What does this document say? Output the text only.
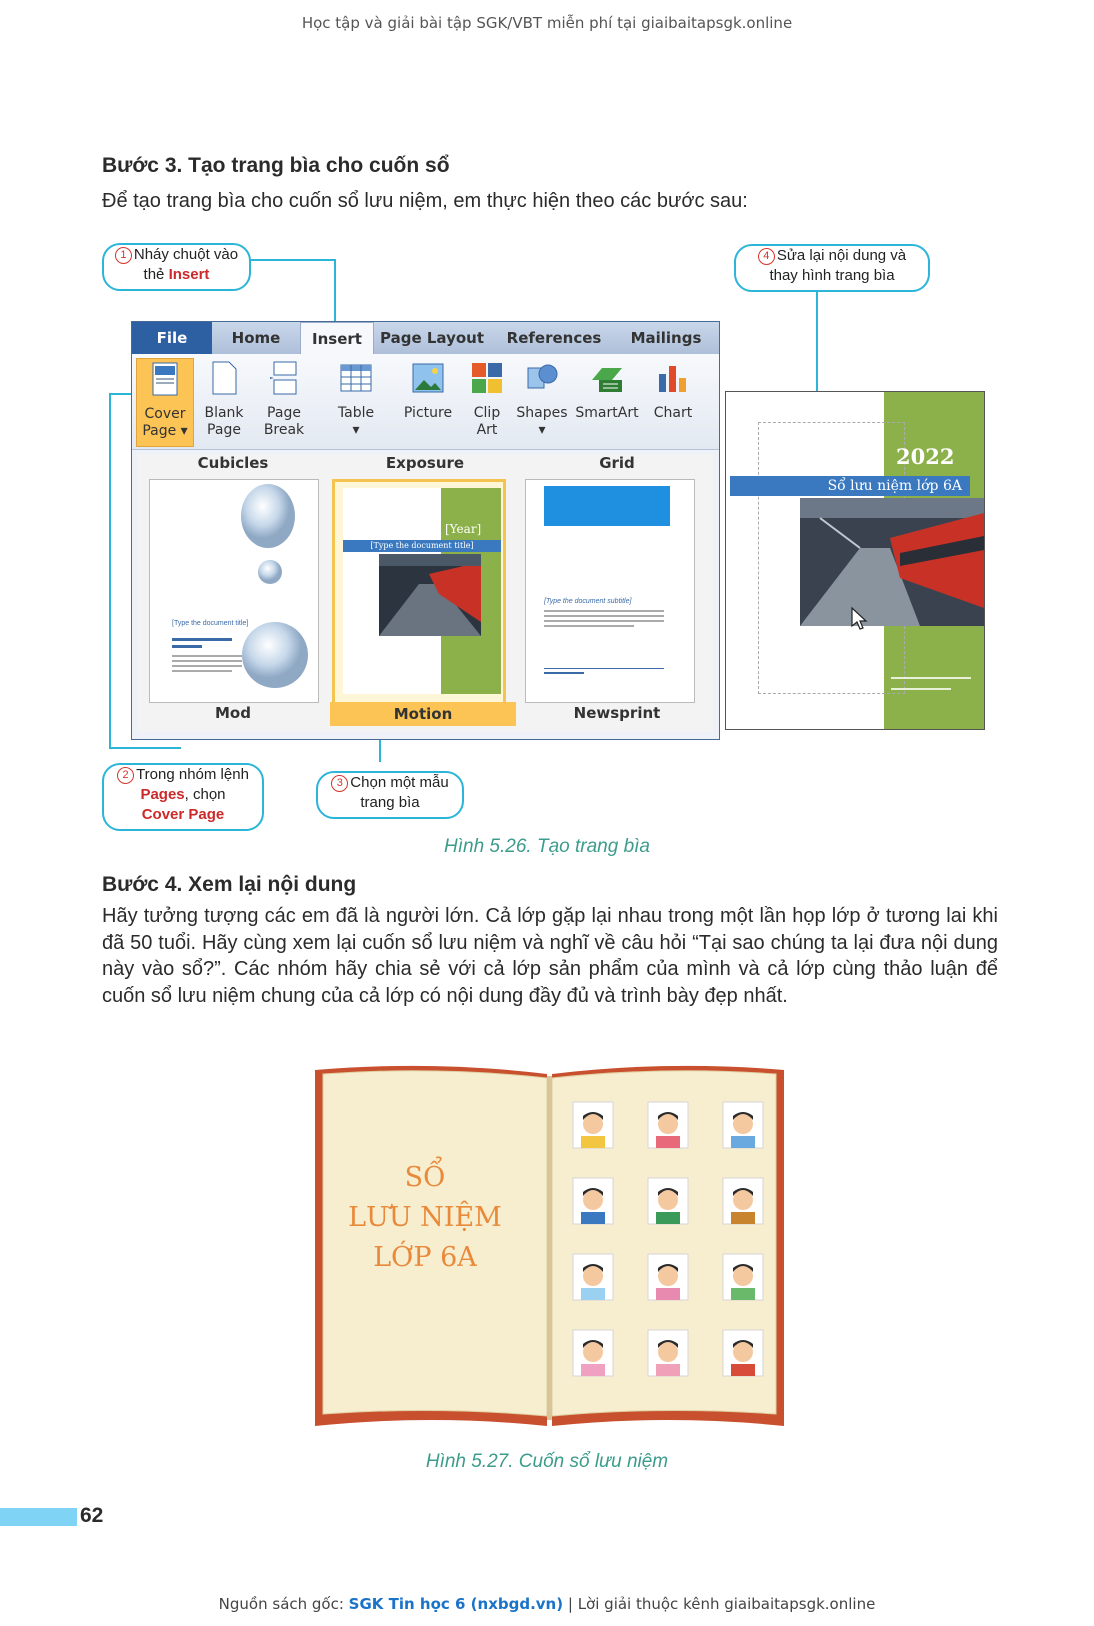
Học tập và giải bài tập SGK/VBT miễn phí tại giaibaitapsgk.online
Bước 3. Tạo trang bìa cho cuốn sổ
Để tạo trang bìa cho cuốn sổ lưu niệm, em thực hiện theo các bước sau:
File	Home	Insert	Page Layout	References	Mailings
Cover
Page ▾
Blank
Page
Page
Break
Table
▾
Picture	Clip
Art
Shapes
▾
SmartArt	Chart
Cubicles	Exposure	Grid
[Type the document title]
[Year]
[Type the document title]
[Type the document subtitle]
Mod	Motion	Newsprint
2022
Sổ lưu niệm lớp 6A
1 Nháy chuột vào
thẻ Insert
4 Sửa lại nội dung và
thay hình trang bìa
2 Trong nhóm lệnh
Pages, chọn
Cover Page
3 Chọn một mẫu
trang bìa
Hình 5.26. Tạo trang bìa
Bước 4. Xem lại nội dung
Hãy tưởng tượng các em đã là người lớn. Cả lớp gặp lại nhau trong một lần họp lớp ở tương lai khi đã 50 tuổi. Hãy cùng xem lại cuốn sổ lưu niệm và nghĩ về câu hỏi “Tại sao chúng ta lại đưa nội dung này vào sổ?”. Các nhóm hãy chia sẻ với cả lớp sản phẩm của mình và cả lớp cùng thảo luận để cuốn sổ lưu niệm chung của cả lớp có nội dung đầy đủ và trình bày đẹp nhất.
SỔ
LƯU NIỆM
LỚP 6A
Hình 5.27. Cuốn sổ lưu niệm
62
Nguồn sách gốc: SGK Tin học 6 (nxbgd.vn) | Lời giải thuộc kênh giaibaitapsgk.online
